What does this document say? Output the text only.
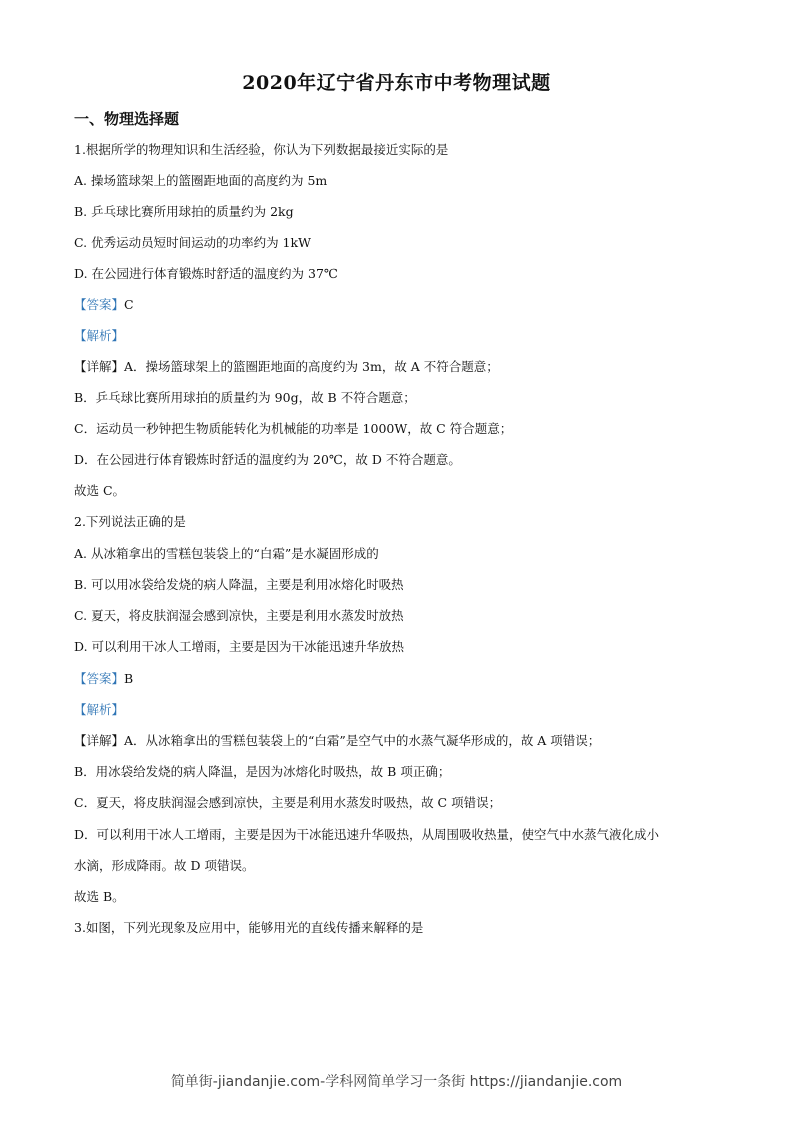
2020年辽宁省丹东市中考物理试题
一、物理选择题
1.根据所学的物理知识和生活经验，你认为下列数据最接近实际的是
A. 操场篮球架上的篮圈距地面的高度约为 5m
B. 乒乓球比赛所用球拍的质量约为 2kg
C. 优秀运动员短时间运动的功率约为 1kW
D. 在公园进行体育锻炼时舒适的温度约为 37℃
【答案】C
【解析】
【详解】A．操场篮球架上的篮圈距地面的高度约为 3m，故 A 不符合题意；
B．乒乓球比赛所用球拍的质量约为 90g，故 B 不符合题意；
C．运动员一秒钟把生物质能转化为机械能的功率是 1000W，故 C 符合题意；
D．在公园进行体育锻炼时舒适的温度约为 20℃，故 D 不符合题意。
故选 C。
2.下列说法正确的是
A. 从冰箱拿出的雪糕包装袋上的“白霜”是水凝固形成的
B. 可以用冰袋给发烧的病人降温，主要是利用冰熔化时吸热
C. 夏天，将皮肤润湿会感到凉快，主要是利用水蒸发时放热
D. 可以利用干冰人工增雨，主要是因为干冰能迅速升华放热
【答案】B
【解析】
【详解】A．从冰箱拿出的雪糕包装袋上的“白霜”是空气中的水蒸气凝华形成的，故 A 项错误；
B．用冰袋给发烧的病人降温，是因为冰熔化时吸热，故 B 项正确；
C．夏天，将皮肤润湿会感到凉快，主要是利用水蒸发时吸热，故 C 项错误；
D．可以利用干冰人工增雨，主要是因为干冰能迅速升华吸热，从周围吸收热量，使空气中水蒸气液化成小
水滴，形成降雨。故 D 项错误。
故选 B。
3.如图，下列光现象及应用中，能够用光的直线传播来解释的是
简单街-jiandanjie.com-学科网简单学习一条街 https://jiandanjie.com
